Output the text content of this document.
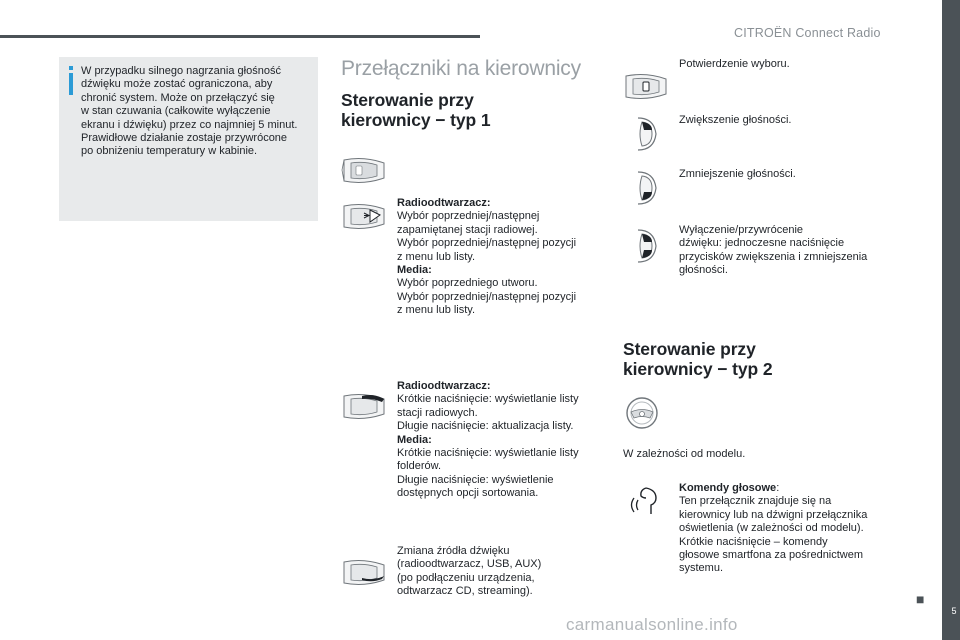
CITROËN Connect Radio
5
■
W przypadku silnego nagrzania głośność
dźwięku może zostać ograniczona, aby
chronić system. Może on przełączyć się
w stan czuwania (całkowite wyłączenie
ekranu i dźwięku) przez co najmniej 5 minut.
Prawidłowe działanie zostaje przywrócone
po obniżeniu temperatury w kabinie.
Przełączniki na kierownicy
Sterowanie przy
kierownicy − typ 1
Radioodtwarzacz:
Wybór poprzedniej/następnej
zapamiętanej stacji radiowej.
Wybór poprzedniej/następnej pozycji
z menu lub listy.
Media:
Wybór poprzedniego utworu.
Wybór poprzedniej/następnej pozycji
z menu lub listy.
Radioodtwarzacz:
Krótkie naciśnięcie: wyświetlanie listy
stacji radiowych.
Długie naciśnięcie: aktualizacja listy.
Media:
Krótkie naciśnięcie: wyświetlanie listy
folderów.
Długie naciśnięcie: wyświetlenie
dostępnych opcji sortowania.
Zmiana źródła dźwięku
(radioodtwarzacz, USB, AUX)
(po podłączeniu urządzenia,
odtwarzacz CD, streaming).
Potwierdzenie wyboru.
Zwiększenie głośności.
Zmniejszenie głośności.
Wyłączenie/przywrócenie
dźwięku: jednoczesne naciśnięcie
przycisków zwiększenia i zmniejszenia
głośności.
Sterowanie przy
kierownicy − typ 2
W zależności od modelu.
Komendy głosowe:
Ten przełącznik znajduje się na
kierownicy lub na dźwigni przełącznika
oświetlenia (w zależności od modelu).
Krótkie naciśnięcie – komendy
głosowe smartfona za pośrednictwem
systemu.
carmanualsonline.info
